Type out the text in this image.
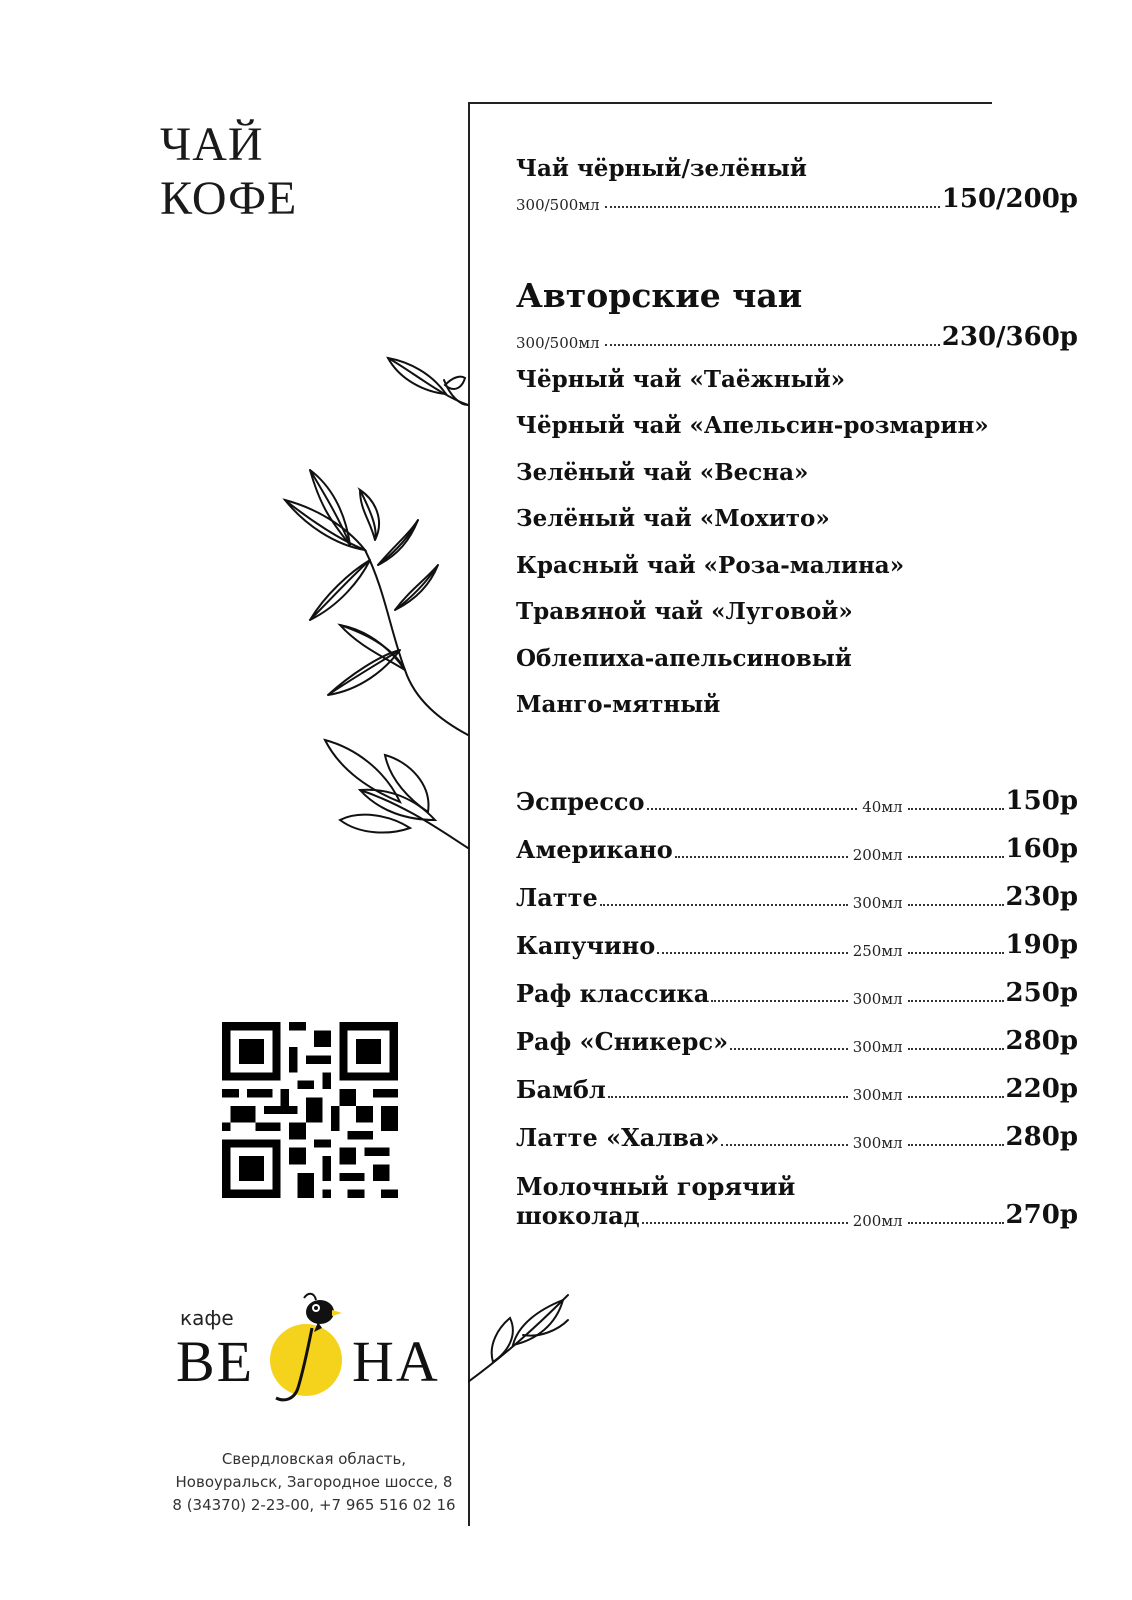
ЧАЙ
КОФЕ
Чай чёрный/зелёный
300/500мл	150/200р
Авторские чаи
300/500мл	230/360р
Чёрный чай «Таёжный»
Чёрный чай «Апельсин-розмарин»
Зелёный чай «Весна»
Зелёный чай «Мохито»
Красный чай «Роза-малина»
Травяной чай «Луговой»
Облепиха-апельсиновый
Манго-мятный
Эспрессо	40мл	150р
Американо	200мл	160р
Латте	300мл	230р
Капучино	250мл	190р
Раф классика	300мл	250р
Раф «Сникерс»	300мл	280р
Бамбл	300мл	220р
Латте «Халва»	300мл	280р
Молочный горячий
шоколад	200мл	270р
кафе
ВЕ НА
Свердловская область,
Новоуральск, Загородное шоссе, 8
8 (34370) 2-23-00, +7 965 516 02 16
